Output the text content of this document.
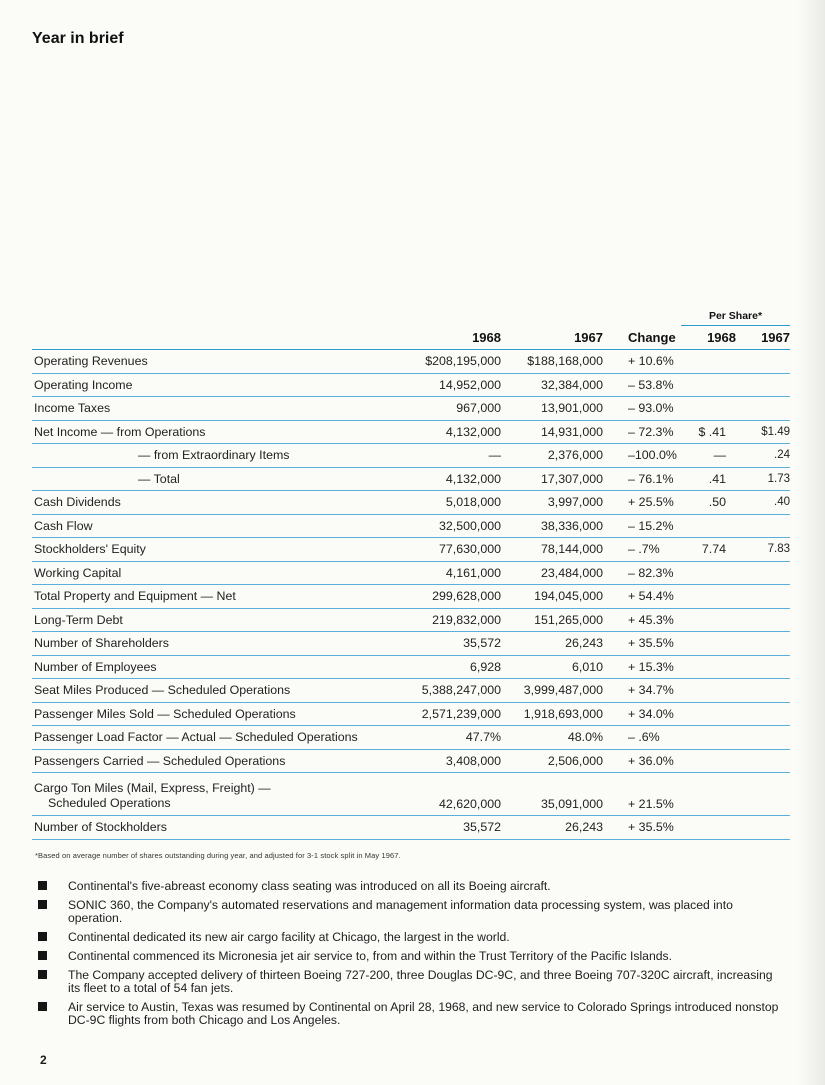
Year in brief
				Per Share*	
	1968	1967	Change	1968	1967
Operating Revenues	$208,195,000	$188,168,000	+ 10.6%		
Operating Income	14,952,000	32,384,000	– 53.8%		
Income Taxes	967,000	13,901,000	– 93.0%		
Net Income — from Operations	4,132,000	14,931,000	– 72.3%	$ .41	$1.49
— from Extraordinary Items	—	2,376,000	–100.0%	—	.24
— Total	4,132,000	17,307,000	– 76.1%	.41	1.73
Cash Dividends	5,018,000	3,997,000	+ 25.5%	.50	.40
Cash Flow	32,500,000	38,336,000	– 15.2%		
Stockholders' Equity	77,630,000	78,144,000	– .7%	7.74	7.83
Working Capital	4,161,000	23,484,000	– 82.3%		
Total Property and Equipment — Net	299,628,000	194,045,000	+ 54.4%		
Long-Term Debt	219,832,000	151,265,000	+ 45.3%		
Number of Shareholders	35,572	26,243	+ 35.5%		
Number of Employees	6,928	6,010	+ 15.3%		
Seat Miles Produced — Scheduled Operations	5,388,247,000	3,999,487,000	+ 34.7%		
Passenger Miles Sold — Scheduled Operations	2,571,239,000	1,918,693,000	+ 34.0%		
Passenger Load Factor — Actual — Scheduled Operations	47.7%	48.0%	– .6%		
Passengers Carried — Scheduled Operations	3,408,000	2,506,000	+ 36.0%		
Cargo Ton Miles (Mail, Express, Freight) —
Scheduled Operations	42,620,000	35,091,000	+ 21.5%		
Number of Stockholders	35,572	26,243	+ 35.5%		
*Based on average number of shares outstanding during year, and adjusted for 3-1 stock split in May 1967.
Continental's five-abreast economy class seating was introduced on all its Boeing aircraft.
SONIC 360, the Company's automated reservations and management information data processing system, was placed into operation.
Continental dedicated its new air cargo facility at Chicago, the largest in the world.
Continental commenced its Micronesia jet air service to, from and within the Trust Territory of the Pacific Islands.
The Company accepted delivery of thirteen Boeing 727-200, three Douglas DC-9C, and three Boeing 707-320C aircraft, increasing its fleet to a total of 54 fan jets.
Air service to Austin, Texas was resumed by Continental on April 28, 1968, and new service to Colorado Springs introduced nonstop DC-9C flights from both Chicago and Los Angeles.
2
